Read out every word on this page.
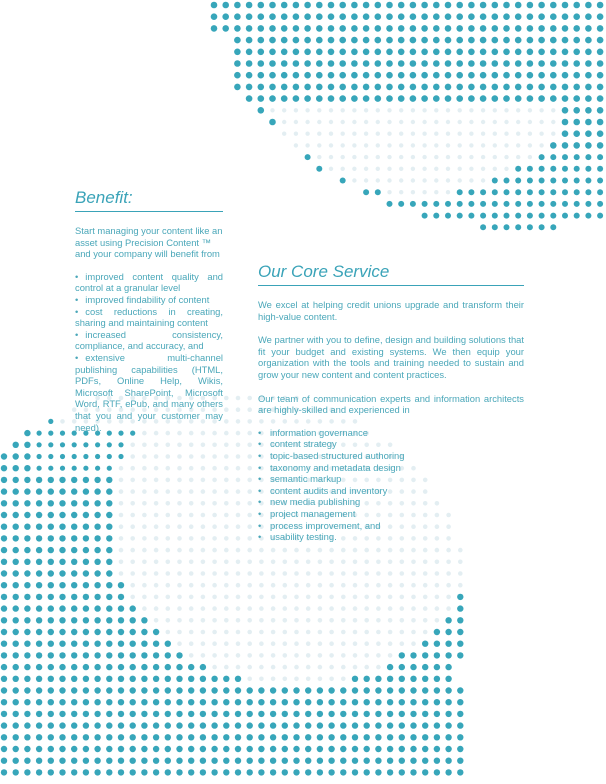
Benefit:

Start managing your content like an asset using Precision Content ™ and your company will benefit from

• improved content quality and control at a granular level
• improved findability of content
• cost reductions in creating, sharing and maintaining content
• increased consistency, compliance, and accuracy, and
• extensive multi-channel publishing capabilities (HTML, PDFs, Online Help, Wikis, Microsoft SharePoint, Microsoft Word, RTF, ePub, and many others that you and your customer may need).
Our Core Service

We excel at helping credit unions upgrade and transform their high-value content.

We partner with you to define, design and building solutions that fit your budget and existing systems. We then equip your organization with the tools and training needed to sustain and grow your new content and content practices.

Our team of communication experts and information architects are highly-skilled and experienced in

• information governance
• content strategy
• topic-based structured authoring
• taxonomy and metadata design
• semantic markup
• content audits and inventory
• new media publishing
• project management
• process improvement, and
• usability testing.
